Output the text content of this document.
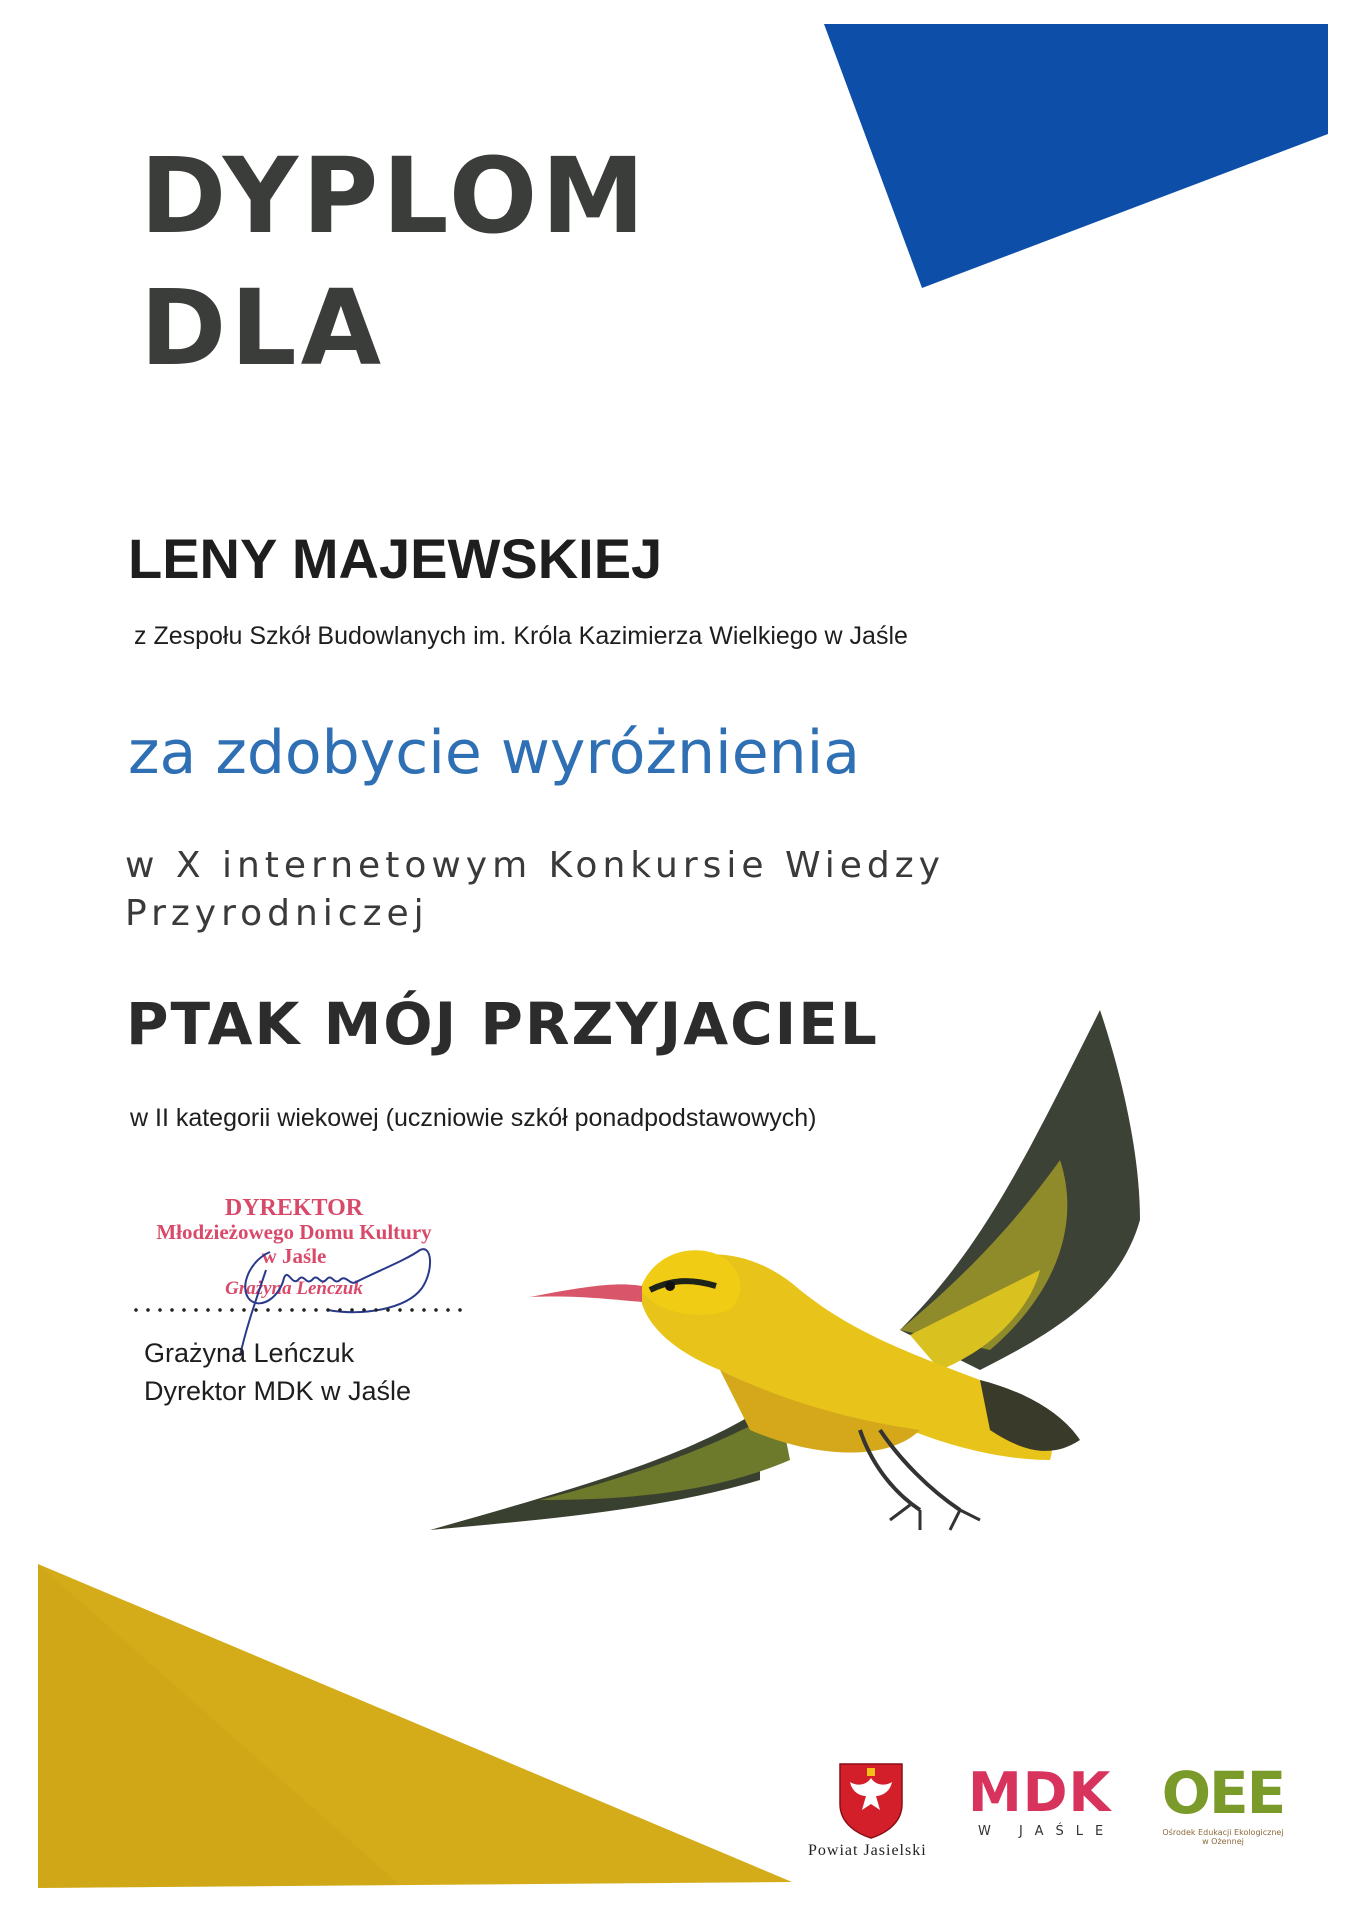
DYPLOM
DLA
LENY MAJEWSKIEJ
z Zespołu Szkół Budowlanych im. Króla Kazimierza Wielkiego w Jaśle
za zdobycie wyróżnienia
w X internetowym Konkursie Wiedzy
Przyrodniczej
PTAK MÓJ PRZYJACIEL
w II kategorii wiekowej (uczniowie szkół ponadpodstawowych)
DYREKTOR
Młodzieżowego Domu Kultury
w Jaśle
Grażyna Leńczuk
Grażyna Leńczuk
Dyrektor MDK w Jaśle
Powiat Jasielski
MDK
W JAŚLE
OEE
Ośrodek Edukacji Ekologicznej
w Ożennej
